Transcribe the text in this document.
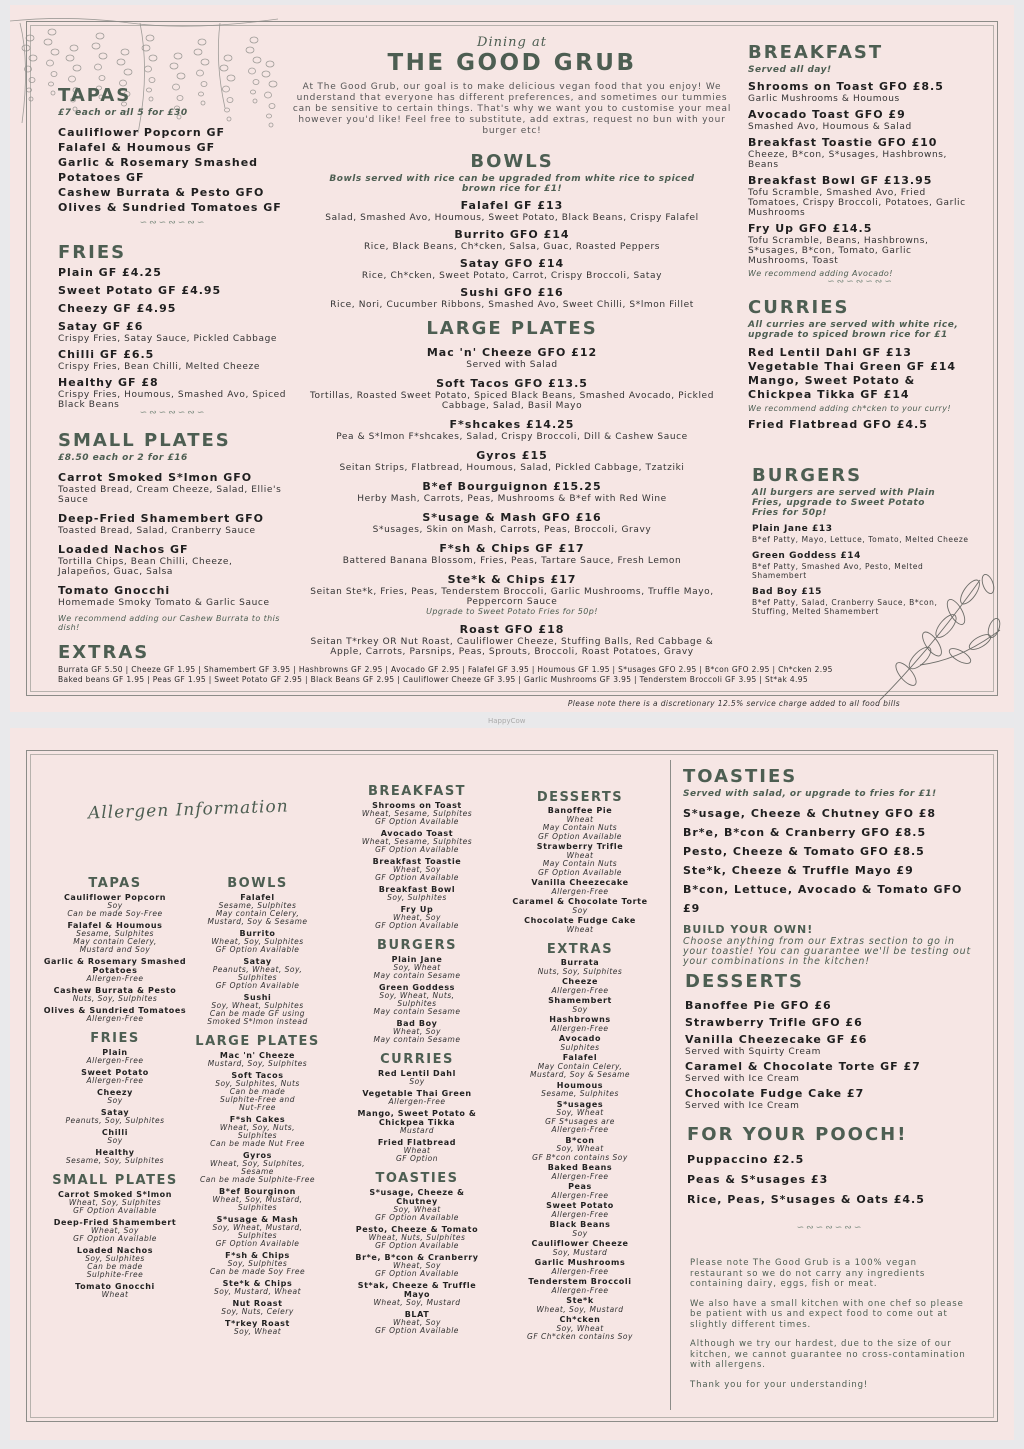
TAPAS
£7 each or all 5 for £30
Cauliflower Popcorn GF
Falafel & Houmous GF
Garlic & Rosemary Smashed Potatoes GF
Cashew Burrata & Pesto GFO
Olives & Sundried Tomatoes GF
∽∾∽∾∽∾∽
FRIES
Plain GF £4.25
Sweet Potato GF £4.95
Cheezy GF £4.95
Satay GF £6
Crispy Fries, Satay Sauce, Pickled Cabbage
Chilli GF £6.5
Crispy Fries, Bean Chilli, Melted Cheeze
Healthy GF £8
Crispy Fries, Houmous, Smashed Avo, Spiced Black Beans
∽∾∽∾∽∾∽
SMALL PLATES
£8.50 each or 2 for £16
Carrot Smoked S*lmon GFO
Toasted Bread, Cream Cheeze, Salad, Ellie's Sauce
Deep-Fried Shamembert GFO
Toasted Bread, Salad, Cranberry Sauce
Loaded Nachos GF
Tortilla Chips, Bean Chilli, Cheeze, Jalapeños, Guac, Salsa
Tomato Gnocchi
Homemade Smoky Tomato & Garlic Sauce
We recommend adding our Cashew Burrata to this dish!
Dining at
THE GOOD GRUB
At The Good Grub, our goal is to make delicious vegan food that you enjoy! We understand that everyone has different preferences, and sometimes our tummies can be sensitive to certain things. That's why we want you to customise your meal however you'd like! Feel free to substitute, add extras, request no bun with your burger etc!
BOWLS
Bowls served with rice can be upgraded from white rice to spiced brown rice for £1!
Falafel GF £13
Salad, Smashed Avo, Houmous, Sweet Potato, Black Beans, Crispy Falafel
Burrito GFO £14
Rice, Black Beans, Ch*cken, Salsa, Guac, Roasted Peppers
Satay GFO £14
Rice, Ch*cken, Sweet Potato, Carrot, Crispy Broccoli, Satay
Sushi GFO £16
Rice, Nori, Cucumber Ribbons, Smashed Avo, Sweet Chilli, S*lmon Fillet
LARGE PLATES
Mac 'n' Cheeze GFO £12
Served with Salad
Soft Tacos GFO £13.5
Tortillas, Roasted Sweet Potato, Spiced Black Beans, Smashed Avocado, Pickled Cabbage, Salad, Basil Mayo
F*shcakes £14.25
Pea & S*lmon F*shcakes, Salad, Crispy Broccoli, Dill & Cashew Sauce
Gyros £15
Seitan Strips, Flatbread, Houmous, Salad, Pickled Cabbage, Tzatziki
B*ef Bourguignon £15.25
Herby Mash, Carrots, Peas, Mushrooms & B*ef with Red Wine
S*usage & Mash GFO £16
S*usages, Skin on Mash, Carrots, Peas, Broccoli, Gravy
F*sh & Chips GF £17
Battered Banana Blossom, Fries, Peas, Tartare Sauce, Fresh Lemon
Ste*k & Chips £17
Seitan Ste*k, Fries, Peas, Tenderstem Broccoli, Garlic Mushrooms, Truffle Mayo, Peppercorn Sauce
Upgrade to Sweet Potato Fries for 50p!
Roast GFO £18
Seitan T*rkey OR Nut Roast, Cauliflower Cheeze, Stuffing Balls, Red Cabbage & Apple, Carrots, Parsnips, Peas, Sprouts, Broccoli, Roast Potatoes, Gravy
BREAKFAST
Served all day!
Shrooms on Toast GFO £8.5
Garlic Mushrooms & Houmous
Avocado Toast GFO £9
Smashed Avo, Houmous & Salad
Breakfast Toastie GFO £10
Cheeze, B*con, S*usages, Hashbrowns, Beans
Breakfast Bowl GF £13.95
Tofu Scramble, Smashed Avo, Fried Tomatoes, Crispy Broccoli, Potatoes, Garlic Mushrooms
Fry Up GFO £14.5
Tofu Scramble, Beans, Hashbrowns, S*usages, B*con, Tomato, Garlic Mushrooms, Toast
We recommend adding Avocado!
∽∾∽∾∽∾∽
CURRIES
All curries are served with white rice, upgrade to spiced brown rice for £1
Red Lentil Dahl GF £13
Vegetable Thai Green GF £14
Mango, Sweet Potato & Chickpea Tikka GF £14
We recommend adding ch*cken to your curry!
Fried Flatbread GFO £4.5
BURGERS
All burgers are served with Plain Fries, upgrade to Sweet Potato Fries for 50p!
Plain Jane £13
B*ef Patty, Mayo, Lettuce, Tomato, Melted Cheeze
Green Goddess £14
B*ef Patty, Smashed Avo, Pesto, Melted Shamembert
Bad Boy £15
B*ef Patty, Salad, Cranberry Sauce, B*con, Stuffing, Melted Shamembert
EXTRAS
Burrata GF 5.50 | Cheeze GF 1.95 | Shamembert GF 3.95 | Hashbrowns GF 2.95 | Avocado GF 2.95 | Falafel GF 3.95 | Houmous GF 1.95 | S*usages GFO 2.95 | B*con GFO 2.95 | Ch*cken 2.95
Baked beans GF 1.95 | Peas GF 1.95 | Sweet Potato GF 2.95 | Black Beans GF 2.95 | Cauliflower Cheeze GF 3.95 | Garlic Mushrooms GF 3.95 | Tenderstem Broccoli GF 3.95 | St*ak 4.95
Please note there is a discretionary 12.5% service charge added to all food bills
HappyCow
Allergen Information
TAPAS
Cauliflower Popcorn
Soy
Can be made Soy-Free
Falafel & Houmous
Sesame, Sulphites
May contain Celery,
Mustard and Soy
Garlic & Rosemary Smashed Potatoes
Allergen-Free
Cashew Burrata & Pesto
Nuts, Soy, Sulphites
Olives & Sundried Tomatoes
Allergen-Free
FRIES
Plain
Allergen-Free
Sweet Potato
Allergen-Free
Cheezy
Soy
Satay
Peanuts, Soy, Sulphites
Chilli
Soy
Healthy
Sesame, Soy, Sulphites
SMALL PLATES
Carrot Smoked S*lmon
Wheat, Soy, Sulphites
GF Option Available
Deep-Fried Shamembert
Wheat, Soy
GF Option Available
Loaded Nachos
Soy, Sulphites
Can be made
Sulphite-Free
Tomato Gnocchi
Wheat
BOWLS
Falafel
Sesame, Sulphites
May contain Celery,
Mustard, Soy & Sesame
Burrito
Wheat, Soy, Sulphites
GF Option Available
Satay
Peanuts, Wheat, Soy,
Sulphites
GF Option Available
Sushi
Soy, Wheat, Sulphites
Can be made GF using
Smoked S*lmon instead
LARGE PLATES
Mac 'n' Cheeze
Mustard, Soy, Sulphites
Soft Tacos
Soy, Sulphites, Nuts
Can be made
Sulphite-Free and
Nut-Free
F*sh Cakes
Wheat, Soy, Nuts,
Sulphites
Can be made Nut Free
Gyros
Wheat, Soy, Sulphites,
Sesame
Can be made Sulphite-Free
B*ef Bourginon
Wheat, Soy, Mustard,
Sulphites
S*usage & Mash
Soy, Wheat, Mustard,
Sulphites
GF Option Available
F*sh & Chips
Soy, Sulphites
Can be made Soy Free
Ste*k & Chips
Soy, Mustard, Wheat
Nut Roast
Soy, Nuts, Celery
T*rkey Roast
Soy, Wheat
BREAKFAST
Shrooms on Toast
Wheat, Sesame, Sulphites
GF Option Available
Avocado Toast
Wheat, Sesame, Sulphites
GF Option Available
Breakfast Toastie
Wheat, Soy
GF Option Available
Breakfast Bowl
Soy, Sulphites
Fry Up
Wheat, Soy
GF Option Available
BURGERS
Plain Jane
Soy, Wheat
May contain Sesame
Green Goddess
Soy, Wheat, Nuts,
Sulphites
May contain Sesame
Bad Boy
Wheat, Soy
May contain Sesame
CURRIES
Red Lentil Dahl
Soy
Vegetable Thai Green
Allergen-Free
Mango, Sweet Potato & Chickpea Tikka
Mustard
Fried Flatbread
Wheat
GF Option
TOASTIES
S*usage, Cheeze & Chutney
Soy, Wheat
GF Option Available
Pesto, Cheeze & Tomato
Wheat, Nuts, Sulphites
GF Option Available
Br*e, B*con & Cranberry
Wheat, Soy
GF Option Available
St*ak, Cheeze & Truffle Mayo
Wheat, Soy, Mustard
BLAT
Wheat, Soy
GF Option Available
DESSERTS
Banoffee Pie
Wheat
May Contain Nuts
GF Option Available
Strawberry Trifle
Wheat
May Contain Nuts
GF Option Available
Vanilla Cheezecake
Allergen-Free
Caramel & Chocolate Torte
Soy
Chocolate Fudge Cake
Wheat
EXTRAS
Burrata
Nuts, Soy, Sulphites
Cheeze
Allergen-Free
Shamembert
Soy
Hashbrowns
Allergen-Free
Avocado
Sulphites
Falafel
May Contain Celery,
Mustard, Soy & Sesame
Houmous
Sesame, Sulphites
S*usages
Soy, Wheat
GF S*usages are
Allergen-Free
B*con
Soy, Wheat
GF B*con contains Soy
Baked Beans
Allergen-Free
Peas
Allergen-Free
Sweet Potato
Allergen-Free
Black Beans
Soy
Cauliflower Cheeze
Soy, Mustard
Garlic Mushrooms
Allergen-Free
Tenderstem Broccoli
Allergen-Free
Ste*k
Wheat, Soy, Mustard
Ch*cken
Soy, Wheat
GF Ch*cken contains Soy
TOASTIES
Served with salad, or upgrade to fries for £1!
S*usage, Cheeze & Chutney GFO £8
Br*e, B*con & Cranberry GFO £8.5
Pesto, Cheeze & Tomato GFO £8.5
Ste*k, Cheeze & Truffle Mayo £9
B*con, Lettuce, Avocado & Tomato GFO £9
BUILD YOUR OWN!
Choose anything from our Extras section to go in your toastie! You can guarantee we'll be testing out your combinations in the kitchen!
DESSERTS
Banoffee Pie GFO £6
Strawberry Trifle GFO £6
Vanilla Cheezecake GF £6
Served with Squirty Cream
Caramel & Chocolate Torte GF £7
Served with Ice Cream
Chocolate Fudge Cake £7
Served with Ice Cream
FOR YOUR POOCH!
Puppaccino £2.5
Peas & S*usages £3
Rice, Peas, S*usages & Oats £4.5
∽∾∽∾∽∾∽
Please note The Good Grub is a 100% vegan restaurant so we do not carry any ingredients containing dairy, eggs, fish or meat.
We also have a small kitchen with one chef so please be patient with us and expect food to come out at slightly different times.
Although we try our hardest, due to the size of our kitchen, we cannot guarantee no cross-contamination with allergens.
Thank you for your understanding!
